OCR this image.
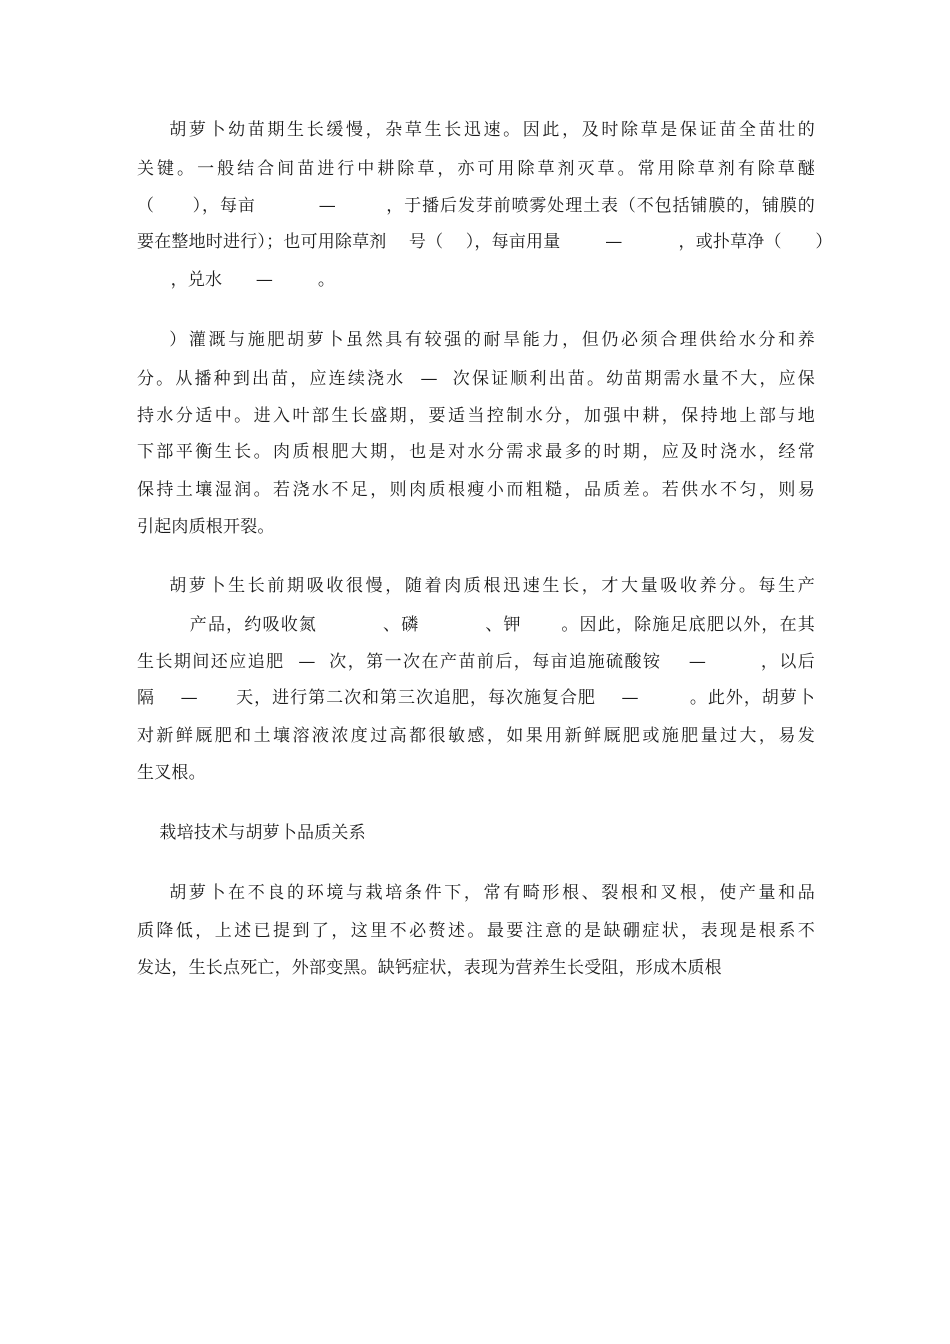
胡萝卜幼苗期生长缓慢，杂草生长迅速。因此，及时除草是保证苗全苗壮的
关键。一般结合间苗进行中耕除草，亦可用除草剂灭草。常用除草剂有除草醚
（      ），每亩          —        ，于播后发芽前喷雾处理土表（不包括铺膜的，铺膜的
要在整地时进行）；也可用除草剂    号（    ），每亩用量        —          ，或扑草净（      ）
，兑水      —        。
）灌溉与施肥胡萝卜虽然具有较强的耐旱能力，但仍必须合理供给水分和养
分。从播种到出苗，应连续浇水  —  次保证顺利出苗。幼苗期需水量不大，应保
持水分适中。进入叶部生长盛期，要适当控制水分，加强中耕，保持地上部与地
下部平衡生长。肉质根肥大期，也是对水分需求最多的时期，应及时浇水，经常
保持土壤湿润。若浇水不足，则肉质根瘦小而粗糙，品质差。若供水不匀，则易
引起肉质根开裂。
胡萝卜生长前期吸收很慢，随着肉质根迅速生长，才大量吸收养分。每生产
产品，约吸收氮          、磷          、钾      。因此，除施足底肥以外，在其
生长期间还应追肥  —  次，第一次在产苗前后，每亩追施硫酸铵    —        ，以后
隔    —      天，进行第二次和第三次追肥，每次施复合肥    —        。此外，胡萝卜
对新鲜厩肥和土壤溶液浓度过高都很敏感，如果用新鲜厩肥或施肥量过大，易发
生叉根。
栽培技术与胡萝卜品质关系
胡萝卜在不良的环境与栽培条件下，常有畸形根、裂根和叉根，使产量和品
质降低，上述已提到了，这里不必赘述。最要注意的是缺硼症状，表现是根系不
发达，生长点死亡，外部变黑。缺钙症状，表现为营养生长受阻，形成木质根
